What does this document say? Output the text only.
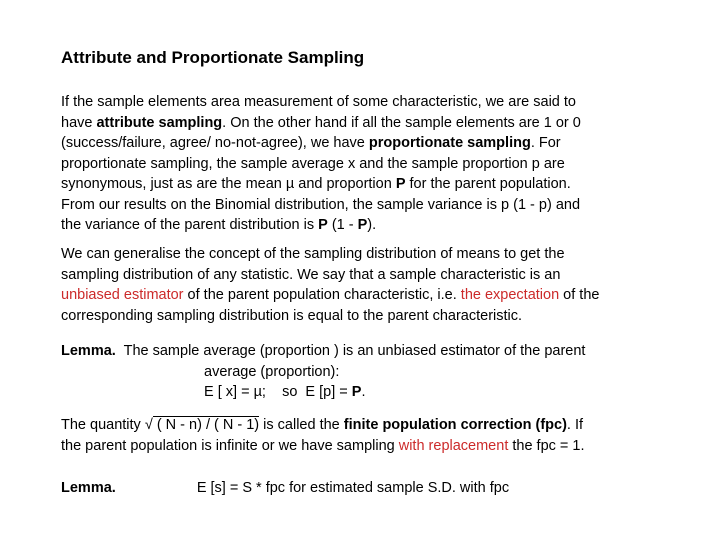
Attribute and Proportionate Sampling
If the sample elements area measurement of some characteristic, we are said to
have attribute sampling. On the other hand if all the sample elements are 1 or 0
(success/failure, agree/ no-not-agree), we have proportionate sampling. For
proportionate sampling, the sample average x and the sample proportion p are
synonymous, just as are the mean µ and proportion P for the parent population.
From our results on the Binomial distribution, the sample variance is p (1 - p) and
the variance of the parent distribution is P (1 - P).
We can generalise the concept of the sampling distribution of means to get the
sampling distribution of any statistic. We say that a sample characteristic is an
unbiased estimator of the parent population characteristic, i.e. the expectation of the
corresponding sampling distribution is equal to the parent characteristic.
Lemma.  The sample average (proportion ) is an unbiased estimator of the parent
average (proportion):
E [ x] = µ;    so  E [p] = P.
The quantity √ ( N - n) / ( N - 1) is called the finite population correction (fpc). If
the parent population is infinite or we have sampling with replacement the fpc = 1.
Lemma.	E [s] = S * fpc for estimated sample S.D. with fpc
